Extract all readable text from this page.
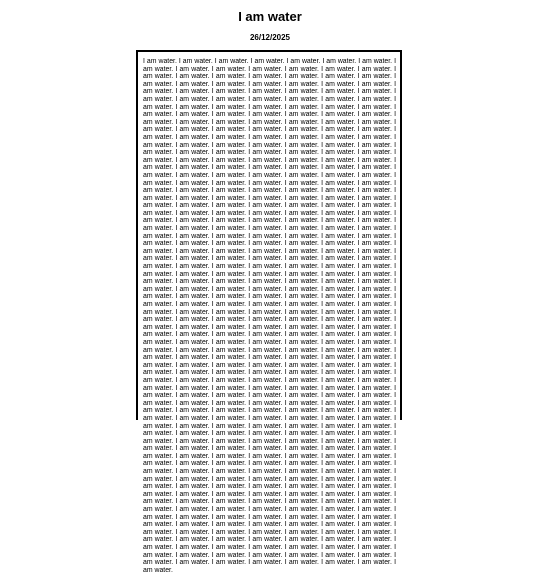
I am water
26/12/2025

I am water. I am water. I am water. I am water. I am water. I am water. I am water. I am water. I am water. I am water. I am water. I am water. I am water. I am water. I am water. I am water. I am water. I am water. I am water. I am water. I am water. I am water. I am water. I am water. I am water. I am water. I am water. I am water. I am water. I am water. I am water. I am water. I am water. I am water. I am water. I am water. I am water. I am water. I am water. I am water. I am water. I am water. I am water. I am water. I am water. I am water. I am water. I am water. I am water. I am water. I am water. I am water. I am water. I am water. I am water. I am water. I am water. I am water. I am water. I am water. I am water. I am water. I am water. I am water. I am water. I am water. I am water. I am water. I am water. I am water. I am water. I am water. I am water. I am water. I am water. I am water. I am water. I am water. I am water. I am water. I am water. I am water. I am water. I am water. I am water. I am water. I am water. I am water. I am water. I am water. I am water. I am water. I am water. I am water. I am water. I am water. I am water. I am water. I am water. I am water. I am water. I am water. I am water. I am water. I am water. I am water. I am water. I am water. I am water. I am water. I am water. I am water. I am water. I am water. I am water. I am water. I am water. I am water. I am water. I am water. I am water. I am water. I am water. I am water. I am water. I am water. I am water. I am water. I am water. I am water. I am water. I am water. I am water. I am water. I am water. I am water. I am water. I am water. I am water. I am water. I am water. I am water. I am water. I am water. I am water. I am water. I am water. I am water. I am water. I am water. I am water. I am water. I am water. I am water. I am water. I am water. I am water. I am water. I am water. I am water. I am water. I am water. I am water. I am water. I am water. I am water. I am water. I am water. I am water. I am water. I am water. I am water. I am water. I am water. I am water. I am water. I am water. I am water. I am water. I am water. I am water. I am water. I am water. I am water. I am water. I am water. I am water. I am water. I am water. I am water. I am water. I am water. I am water. I am water. I am water. I am water. I am water. I am water. I am water. I am water. I am water. I am water. I am water. I am water. I am water. I am water. I am water. I am water. I am water. I am water. I am water. I am water. I am water. I am water. I am water. I am water. I am water. I am water. I am water. I am water. I am water. I am water. I am water. I am water. I am water. I am water. I am water. I am water. I am water. I am water. I am water. I am water. I am water. I am water. I am water. I am water. I am water. I am water. I am water. I am water. I am water. I am water. I am water. I am water. I am water. I am water. I am water. I am water. I am water. I am water. I am water. I am water. I am water. I am water. I am water. I am water. I am water. I am water. I am water. I am water. I am water. I am water. I am water. I am water. I am water. I am water. I am water. I am water. I am water. I am water. I am water. I am water. I am water. I am water. I am water. I am water. I am water. I am water. I am water. I am water. I am water. I am water. I am water. I am water. I am water. I am water. I am water. I am water. I am water. I am water. I am water. I am water. I am water. I am water. I am water. I am water. I am water. I am water. I am water. I am water. I am water. I am water. I am water. I am water. I am water. I am water. I am water. I am water. I am water. I am water. I am water. I am water. I am water. I am water. I am water. I am water. I am water. I am water. I am water. I am water. I am water. I am water. I am water. I am water. I am water. I am water. I am water. I am water. I am water. I am water. I am water. I am water. I am water. I am water. I am water. I am water. I am water. I am water. I am water. I am water. I am water. I am water. I am water. I am water. I am water. I am water. I am water. I am water. I am water. I am water. I am water. I am water. I am water. I am water. I am water. I am water. I am water. I am water. I am water. I am water. I am water. I am water. I am water. I am water. I am water. I am water. I am water. I am water. I am water. I am water. I am water. I am water. I am water. I am water. I am water. I am water. I am water. I am water. I am water. I am water. I am water. I am water. I am water. I am water. I am water. I am water. I am water. I am water. I am water. I am water. I am water. I am water. I am water. I am water. I am water. I am water. I am water. I am water. I am water. I am water. I am water. I am water. I am water. I am water. I am water. I am water. I am water. I am water. I am water. I am water. I am water. I am water. I am water. I am water. I am water. I am water. I am water. I am water. I am water. I am water. I am water. I am water. I am water. I am water. I am water. I am water. I am water. I am water. I am water. I am water. I am water. I am water. I am water. I am water. I am water. I am water. I am water. I am water. I am water. I am water. I am water. I am water. I am water. I am water. I am water. I am water. I am water. I am water. I am water. I am water. I am water. I am water. I am water. I am water. I am water. I am water. I am water. I am water. I am water. I am water. I am water. I am water. I am water. I am water. I am water. I am water. I am water. I am water. I am water. I am water.
